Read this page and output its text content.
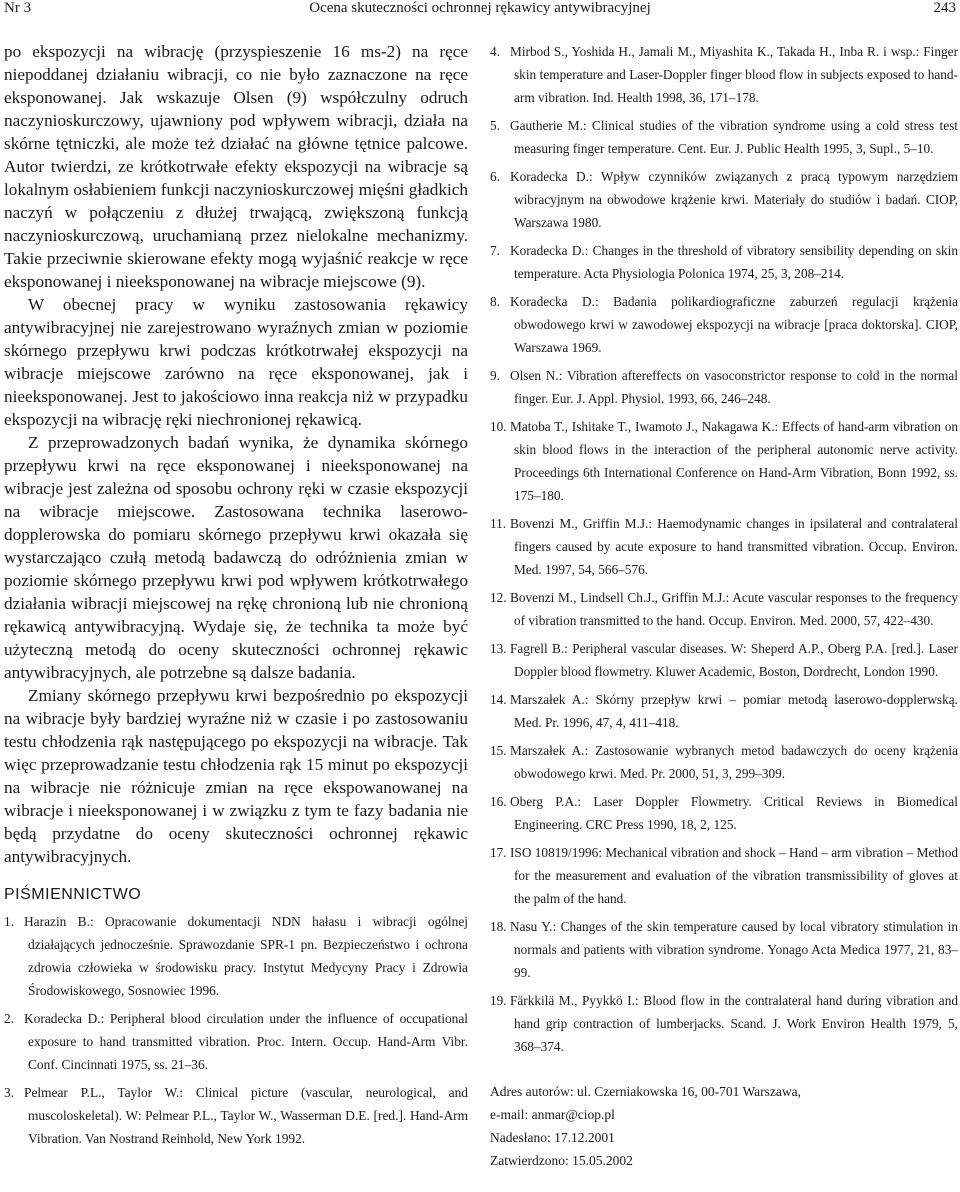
Nr 3	Ocena skuteczności ochronnej rękawicy antywibracyjnej	243

po ekspozycji na wibrację (przyspieszenie 16 ms-2) na ręce niepoddanej działaniu wibracji, co nie było zaznaczone na ręce eksponowanej. Jak wskazuje Olsen (9) współczulny odruch naczynioskurczowy, ujawniony pod wpływem wibracji, działa na skórne tętniczki, ale może też działać na główne tętnice palcowe. Autor twierdzi, ze krótkotrwałe efekty ekspozycji na wibracje są lokalnym osłabieniem funkcji naczynioskurczowej mięśni gładkich naczyń w połączeniu z dłużej trwającą, zwiększoną funkcją naczynioskurczową, uruchamianą przez nielokalne mechanizmy. Takie przeciwnie skierowane efekty mogą wyjaśnić reakcje w ręce eksponowanej i nieeksponowanej na wibracje miejscowe (9).

W obecnej pracy w wyniku zastosowania rękawicy antywibracyjnej nie zarejestrowano wyraźnych zmian w poziomie skórnego przepływu krwi podczas krótkotrwałej ekspozycji na wibracje miejscowe zarówno na ręce eksponowanej, jak i nieeksponowanej. Jest to jakościowo inna reakcja niż w przypadku ekspozycji na wibrację ręki niechronionej rękawicą.

Z przeprowadzonych badań wynika, że dynamika skórnego przepływu krwi na ręce eksponowanej i nieeksponowanej na wibracje jest zależna od sposobu ochrony ręki w czasie ekspozycji na wibracje miejscowe. Zastosowana technika laserowo-dopplerowska do pomiaru skórnego przepływu krwi okazała się wystarczająco czułą metodą badawczą do odróżnienia zmian w poziomie skórnego przepływu krwi pod wpływem krótkotrwałego działania wibracji miejscowej na rękę chronioną lub nie chronioną rękawicą antywibracyjną. Wydaje się, że technika ta może być użyteczną metodą do oceny skuteczności ochronnej rękawic antywibracyjnych, ale potrzebne są dalsze badania.

Zmiany skórnego przepływu krwi bezpośrednio po ekspozycji na wibracje były bardziej wyraźne niż w czasie i po zastosowaniu testu chłodzenia rąk następującego po ekspozycji na wibracje. Tak więc przeprowadzanie testu chłodzenia rąk 15 minut po ekspozycji na wibracje nie różnicuje zmian na ręce ekspowanowanej na wibracje i nieeksponowanej i w związku z tym te fazy badania nie będą przydatne do oceny skuteczności ochronnej rękawic antywibracyjnych.

PIŚMIENNICTWO
1. Harazin B.: Opracowanie dokumentacji NDN hałasu i wibracji ogólnej działających jednocześnie. Sprawozdanie SPR-1 pn. Bezpieczeństwo i ochrona zdrowia człowieka w środowisku pracy. Instytut Medycyny Pracy i Zdrowia Środowiskowego, Sosnowiec 1996.
2. Koradecka D.: Peripheral blood circulation under the influence of occupational exposure to hand transmitted vibration. Proc. Intern. Occup. Hand-Arm Vibr. Conf. Cincinnati 1975, ss. 21–36.
3. Pelmear P.L., Taylor W.: Clinical picture (vascular, neurological, and muscoloskeletal). W: Pelmear P.L., Taylor W., Wasserman D.E. [red.]. Hand-Arm Vibration. Van Nostrand Reinhold, New York 1992.
4. Mirbod S., Yoshida H., Jamali M., Miyashita K., Takada H., Inba R. i wsp.: Finger skin temperature and Laser-Doppler finger blood flow in subjects exposed to hand-arm vibration. Ind. Health 1998, 36, 171–178.
5. Gautherie M.: Clinical studies of the vibration syndrome using a cold stress test measuring finger temperature. Cent. Eur. J. Public Health 1995, 3, Supl., 5–10.
6. Koradecka D.: Wpływ czynników związanych z pracą typowym narzędziem wibracyjnym na obwodowe krążenie krwi. Materiały do studiów i badań. CIOP, Warszawa 1980.
7. Koradecka D.: Changes in the threshold of vibratory sensibility depending on skin temperature. Acta Physiologia Polonica 1974, 25, 3, 208–214.
8. Koradecka D.: Badania polikardiograficzne zaburzeń regulacji krążenia obwodowego krwi w zawodowej ekspozycji na wibracje [praca doktorska]. CIOP, Warszawa 1969.
9. Olsen N.: Vibration aftereffects on vasoconstrictor response to cold in the normal finger. Eur. J. Appl. Physiol. 1993, 66, 246–248.
10. Matoba T., Ishitake T., Iwamoto J., Nakagawa K.: Effects of hand-arm vibration on skin blood flows in the interaction of the peripheral autonomic nerve activity. Proceedings 6th International Conference on Hand-Arm Vibration, Bonn 1992, ss. 175–180.
11. Bovenzi M., Griffin M.J.: Haemodynamic changes in ipsilateral and contralateral fingers caused by acute exposure to hand transmitted vibration. Occup. Environ. Med. 1997, 54, 566–576.
12. Bovenzi M., Lindsell Ch.J., Griffin M.J.: Acute vascular responses to the frequency of vibration transmitted to the hand. Occup. Environ. Med. 2000, 57, 422–430.
13. Fagrell B.: Peripheral vascular diseases. W: Sheperd A.P., Oberg P.A. [red.]. Laser Doppler blood flowmetry. Kluwer Academic, Boston, Dordrecht, London 1990.
14. Marszałek A.: Skórny przepływ krwi – pomiar metodą laserowo-dopplerwską. Med. Pr. 1996, 47, 4, 411–418.
15. Marszałek A.: Zastosowanie wybranych metod badawczych do oceny krążenia obwodowego krwi. Med. Pr. 2000, 51, 3, 299–309.
16. Oberg P.A.: Laser Doppler Flowmetry. Critical Reviews in Biomedical Engineering. CRC Press 1990, 18, 2, 125.
17. ISO 10819/1996: Mechanical vibration and shock – Hand – arm vibration – Method for the measurement and evaluation of the vibration transmissibility of gloves at the palm of the hand.
18. Nasu Y.: Changes of the skin temperature caused by local vibratory stimulation in normals and patients with vibration syndrome. Yonago Acta Medica 1977, 21, 83–99.
19. Färkkilä M., Pyykkö I.: Blood flow in the contralateral hand during vibration and hand grip contraction of lumberjacks. Scand. J. Work Environ Health 1979, 5, 368–374.
Adres autorów: ul. Czerniakowska 16, 00-701 Warszawa,
e-mail: anmar@ciop.pl
Nadesłano: 17.12.2001
Zatwierdzono: 15.05.2002
